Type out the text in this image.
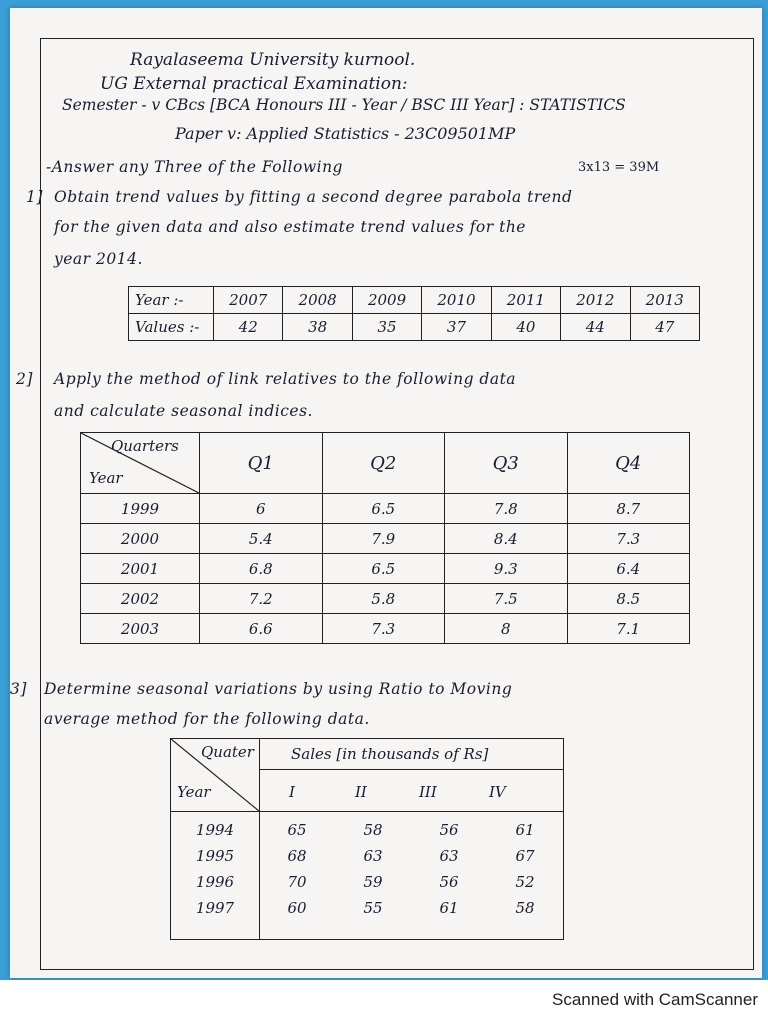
Rayalaseema University kurnool.
UG External practical Examination:
Semester - v CBcs [BCA Honours III - Year / BSC III Year] : STATISTICS
Paper v: Applied Statistics - 23C09501MP
-Answer any Three of the Following	3x13 = 39M
1] Obtain trend values by fitting a second degree parabola trend
for the given data and also estimate trend values for the
year 2014.
Year :-	2007	2008	2009	2010	2011	2012	2013
Values :-	42	38	35	37	40	44	47
2] Apply the method of link relatives to the following data
and calculate seasonal indices.
Quarters
Year	Q1	Q2	Q3	Q4
1999	6	6.5	7.8	8.7
2000	5.4	7.9	8.4	7.3
2001	6.8	6.5	9.3	6.4
2002	7.2	5.8	7.5	8.5
2003	6.6	7.3	8	7.1
3] Determine seasonal variations by using Ratio to Moving
average method for the following data.
Quater
Year
Sales [in thousands of Rs]
I	II	III	IV
1994	65	58	56	61
1995	68	63	63	67
1996	70	59	56	52
1997	60	55	61	58
Scanned with CamScanner
